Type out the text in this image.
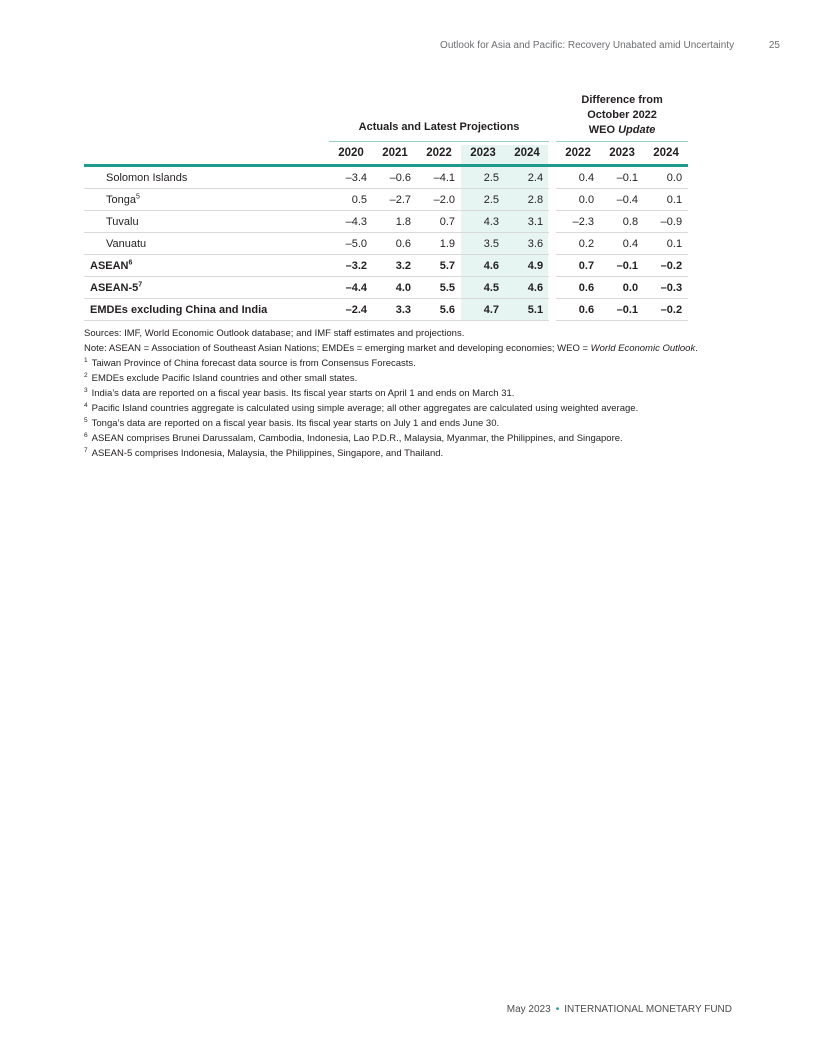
Outlook for Asia and Pacific: Recovery Unabated amid Uncertainty	25
	Actuals and Latest Projections						Difference from
October 2022
WEO Update		

	2020	2021	2022	2023	2024		2022	2023	2024
Solomon Islands	–3.4	–0.6	–4.1	2.5	2.4		0.4	–0.1	0.0
Tonga$^5$	0.5	–2.7	–2.0	2.5	2.8		0.0	–0.4	0.1
Tuvalu	–4.3	1.8	0.7	4.3	3.1		–2.3	0.8	–0.9
Vanuatu	–5.0	0.6	1.9	3.5	3.6		0.2	0.4	0.1
ASEAN$^6$	–3.2	3.2	5.7	4.6	4.9		0.7	–0.1	–0.2
ASEAN-$5^7$	–4.4	4.0	5.5	4.5	4.6		0.6	0.0	–0.3
EMDEs excluding China and India	–2.4	3.3	5.6	4.7	5.1		0.6	–0.1	–0.2

Sources: IMF, World Economic Outlook database; and IMF staff estimates and projections.

Note: ASEAN = Association of Southeast Asian Nations; EMDEs = emerging market and developing economies; WEO = World Economic Outlook.

$^1$ Taiwan Province of China forecast data source is from Consensus Forecasts.

$^2$ EMDEs exclude Pacific Island countries and other small states.

$^3$ India’s data are reported on a fiscal year basis. Its fiscal year starts on April 1 and ends on March 31.

$^4$ Pacific Island countries aggregate is calculated using simple average; all other aggregates are calculated using weighted average.

$^5$ Tonga’s data are reported on a fiscal year basis. Its fiscal year starts on July 1 and ends June 30.

$^6$ ASEAN comprises Brunei Darussalam, Cambodia, Indonesia, Lao P.D.R., Malaysia, Myanmar, the Philippines, and Singapore.

$^7$ ASEAN-5 comprises Indonesia, Malaysia, the Philippines, Singapore, and Thailand.

May 2023 • INTERNATIONAL MONETARY FUND
